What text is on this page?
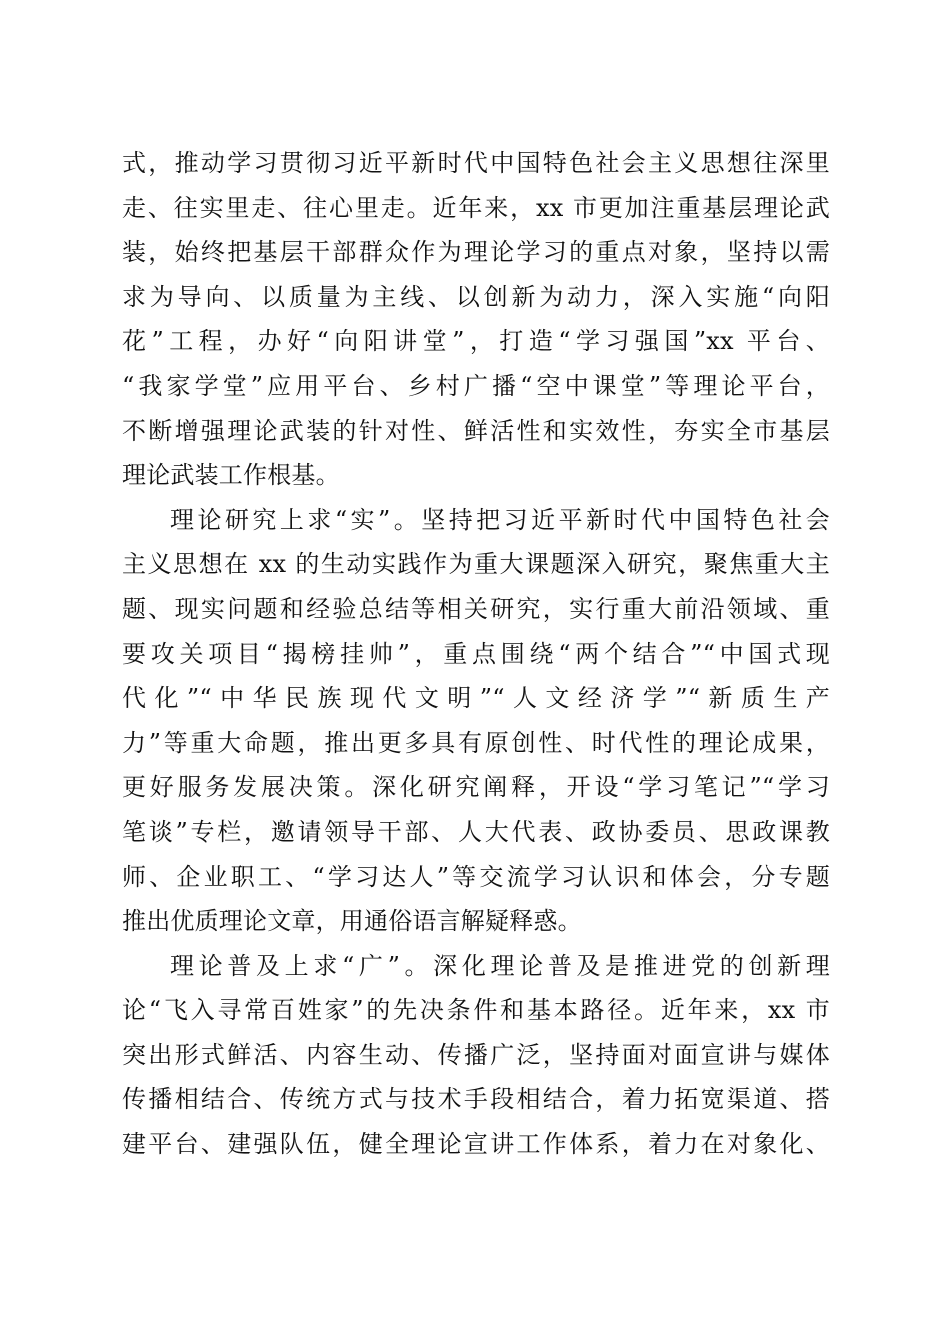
式，推动学习贯彻习近平新时代中国特色社会主义思想往深里
走、往实里走、往心里走。近年来，xx 市更加注重基层理论武
装，始终把基层干部群众作为理论学习的重点对象，坚持以需
求为导向、以质量为主线、以创新为动力，深入实施“向阳
花”工程，办好“向阳讲堂”，打造“学习强国”xx 平台、
“我家学堂”应用平台、乡村广播“空中课堂”等理论平台，
不断增强理论武装的针对性、鲜活性和实效性，夯实全市基层
理论武装工作根基。
理论研究上求“实”。坚持把习近平新时代中国特色社会
主义思想在 xx 的生动实践作为重大课题深入研究，聚焦重大主
题、现实问题和经验总结等相关研究，实行重大前沿领域、重
要攻关项目“揭榜挂帅”，重点围绕“两个结合”“中国式现
代化”“中华民族现代文明”“人文经济学”“新质生产
力”等重大命题，推出更多具有原创性、时代性的理论成果，
更好服务发展决策。深化研究阐释，开设“学习笔记”“学习
笔谈”专栏，邀请领导干部、人大代表、政协委员、思政课教
师、企业职工、“学习达人”等交流学习认识和体会，分专题
推出优质理论文章，用通俗语言解疑释惑。
理论普及上求“广”。深化理论普及是推进党的创新理
论“飞入寻常百姓家”的先决条件和基本路径。近年来，xx 市
突出形式鲜活、内容生动、传播广泛，坚持面对面宣讲与媒体
传播相结合、传统方式与技术手段相结合，着力拓宽渠道、搭
建平台、建强队伍，健全理论宣讲工作体系，着力在对象化、
